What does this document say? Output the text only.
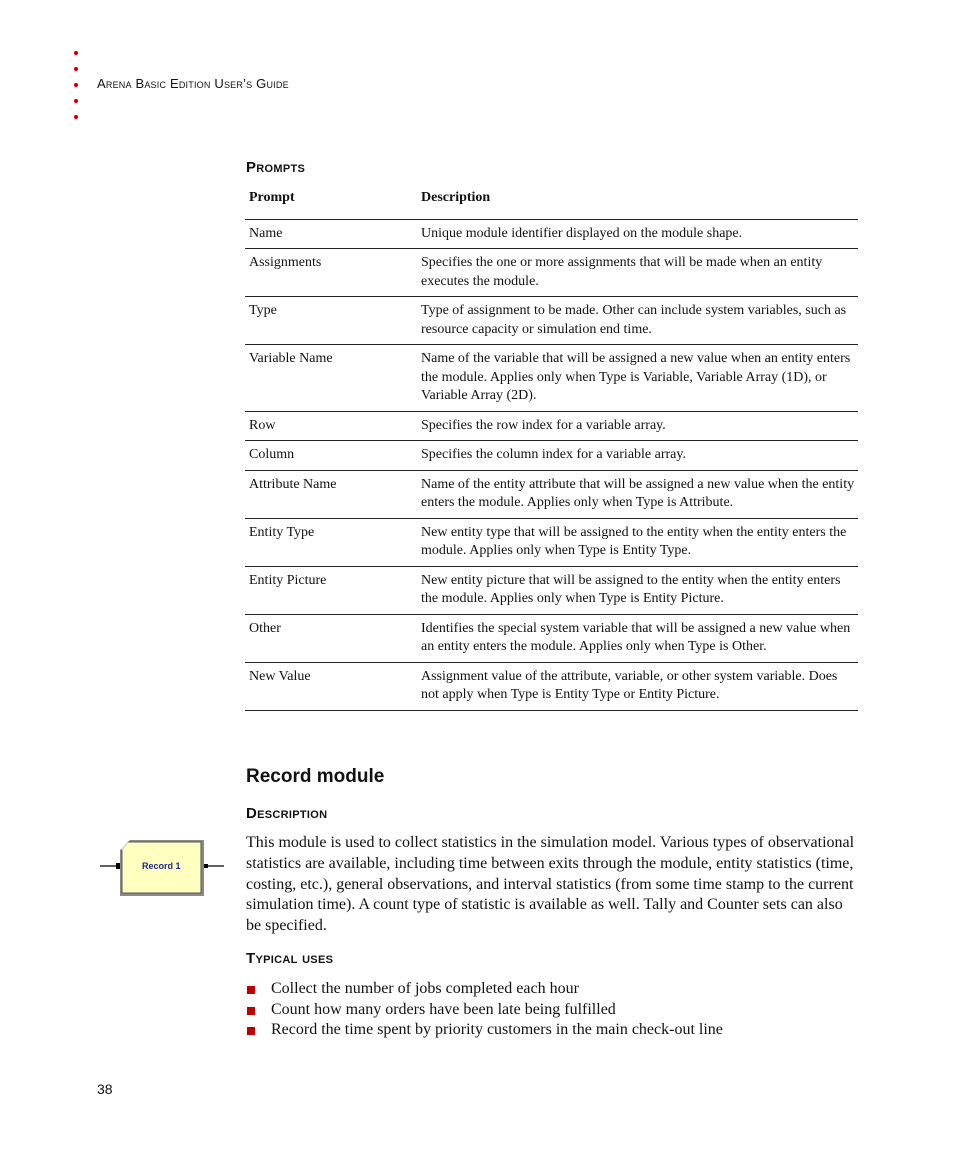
Arena Basic Edition User’s Guide
Prompts
Prompt	Description
Name	Unique module identifier displayed on the module shape.
Assignments	Specifies the one or more assignments that will be made when an entity executes the module.
Type	Type of assignment to be made. Other can include system variables, such as resource capacity or simulation end time.
Variable Name	Name of the variable that will be assigned a new value when an entity enters the module. Applies only when Type is Variable, Variable Array (1D), or Variable Array (2D).
Row	Specifies the row index for a variable array.
Column	Specifies the column index for a variable array.
Attribute Name	Name of the entity attribute that will be assigned a new value when the entity enters the module. Applies only when Type is Attribute.
Entity Type	New entity type that will be assigned to the entity when the entity enters the module. Applies only when Type is Entity Type.
Entity Picture	New entity picture that will be assigned to the entity when the entity enters the module. Applies only when Type is Entity Picture.
Other	Identifies the special system variable that will be assigned a new value when an entity enters the module. Applies only when Type is Other.
New Value	Assignment value of the attribute, variable, or other system variable. Does not apply when Type is Entity Type or Entity Picture.
Record module
Description
Record 1
This module is used to collect statistics in the simulation model. Various types of observational statistics are available, including time between exits through the module, entity statistics (time, costing, etc.), general observations, and interval statistics (from some time stamp to the current simulation time). A count type of statistic is available as well. Tally and Counter sets can also be specified.
Typical uses
Collect the number of jobs completed each hour
Count how many orders have been late being fulfilled
Record the time spent by priority customers in the main check-out line
38
